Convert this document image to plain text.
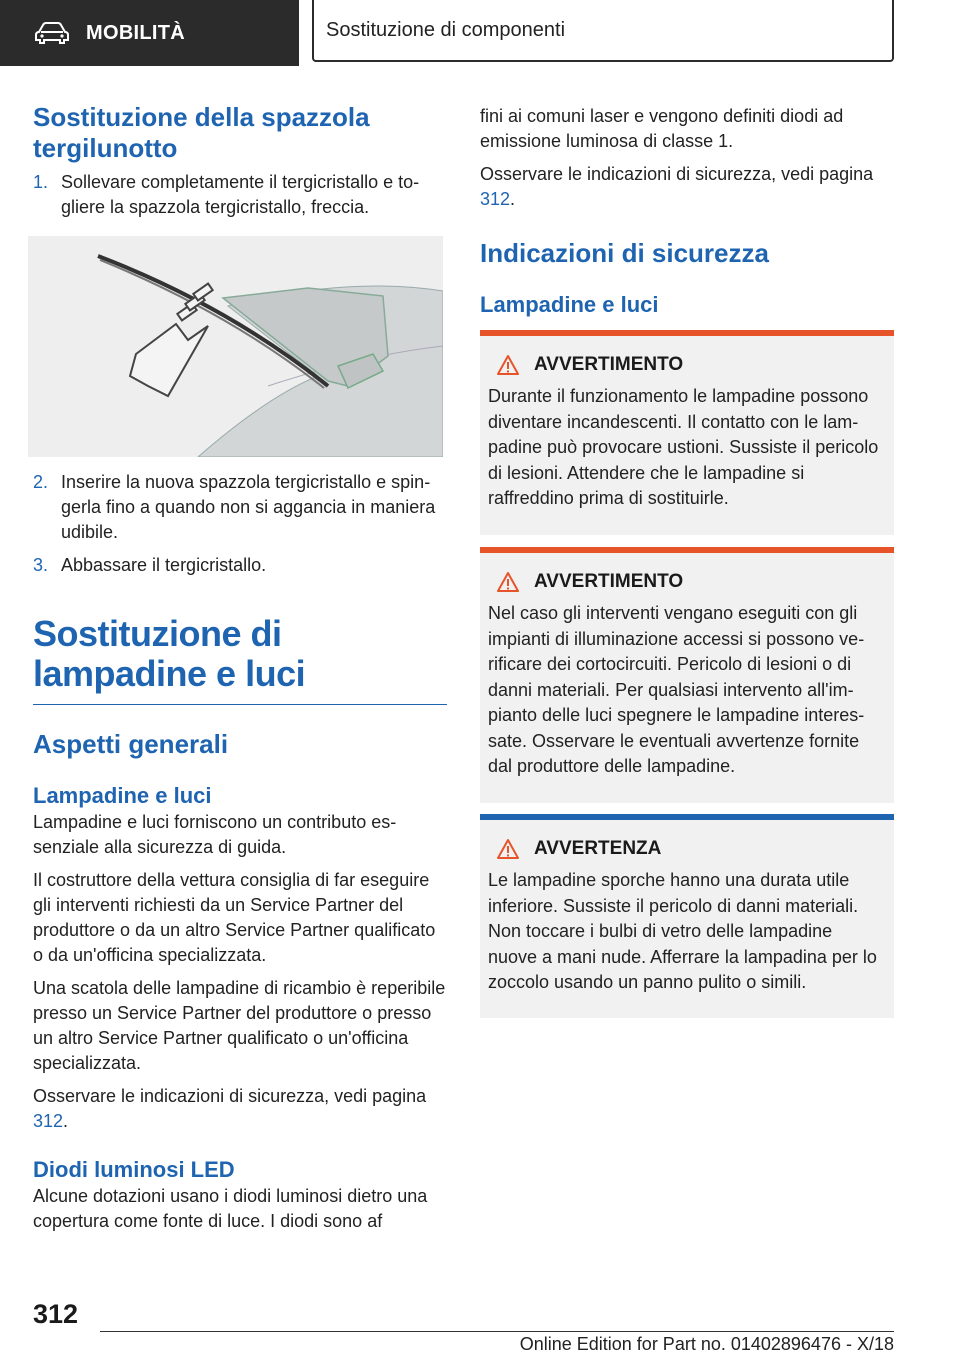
MOBILITÀ	Sostituzione di componenti
Sostituzione della spazzola tergilunotto
1. Sollevare completamente il tergicristallo e togliere la spazzola tergicristallo, freccia.
2. Inserire la nuova spazzola tergicristallo e spingerla fino a quando non si aggancia in maniera udibile.
3. Abbassare il tergicristallo.
Sostituzione di lampadine e luci
Aspetti generali
Lampadine e luci

Lampadine e luci forniscono un contributo essenziale alla sicurezza di guida.

Il costruttore della vettura consiglia di far eseguire gli interventi richiesti da un Service Partner del produttore o da un altro Service Partner qualificato o da un'officina specializzata.

Una scatola delle lampadine di ricambio è reperibile presso un Service Partner del produttore o presso un altro Service Partner qualificato o un'officina specializzata.

Osservare le indicazioni di sicurezza, vedi pagina 312.

Diodi luminosi LED

Alcune dotazioni usano i diodi luminosi dietro una copertura come fonte di luce. I diodi sono af

fini ai comuni laser e vengono definiti diodi ad emissione luminosa di classe 1.

Osservare le indicazioni di sicurezza, vedi pagina 312.

Indicazioni di sicurezza
Lampadine e luci
AVVERTIMENTO

Durante il funzionamento le lampadine possono diventare incandescenti. Il contatto con le lampadine può provocare ustioni. Sussiste il pericolo di lesioni. Attendere che le lampadine si raffreddino prima di sostituirle.

AVVERTIMENTO

Nel caso gli interventi vengano eseguiti con gli impianti di illuminazione accessi si possono verificare dei cortocircuiti. Pericolo di lesioni o di danni materiali. Per qualsiasi intervento all'impianto delle luci spegnere le lampadine interessate. Osservare le eventuali avvertenze fornite dal produttore delle lampadine.

AVVERTENZA

Le lampadine sporche hanno una durata utile inferiore. Sussiste il pericolo di danni materiali. Non toccare i bulbi di vetro delle lampadine nuove a mani nude. Afferrare la lampadina per lo zoccolo usando un panno pulito o simili.

312
Online Edition for Part no. 01402896476 - X/18
